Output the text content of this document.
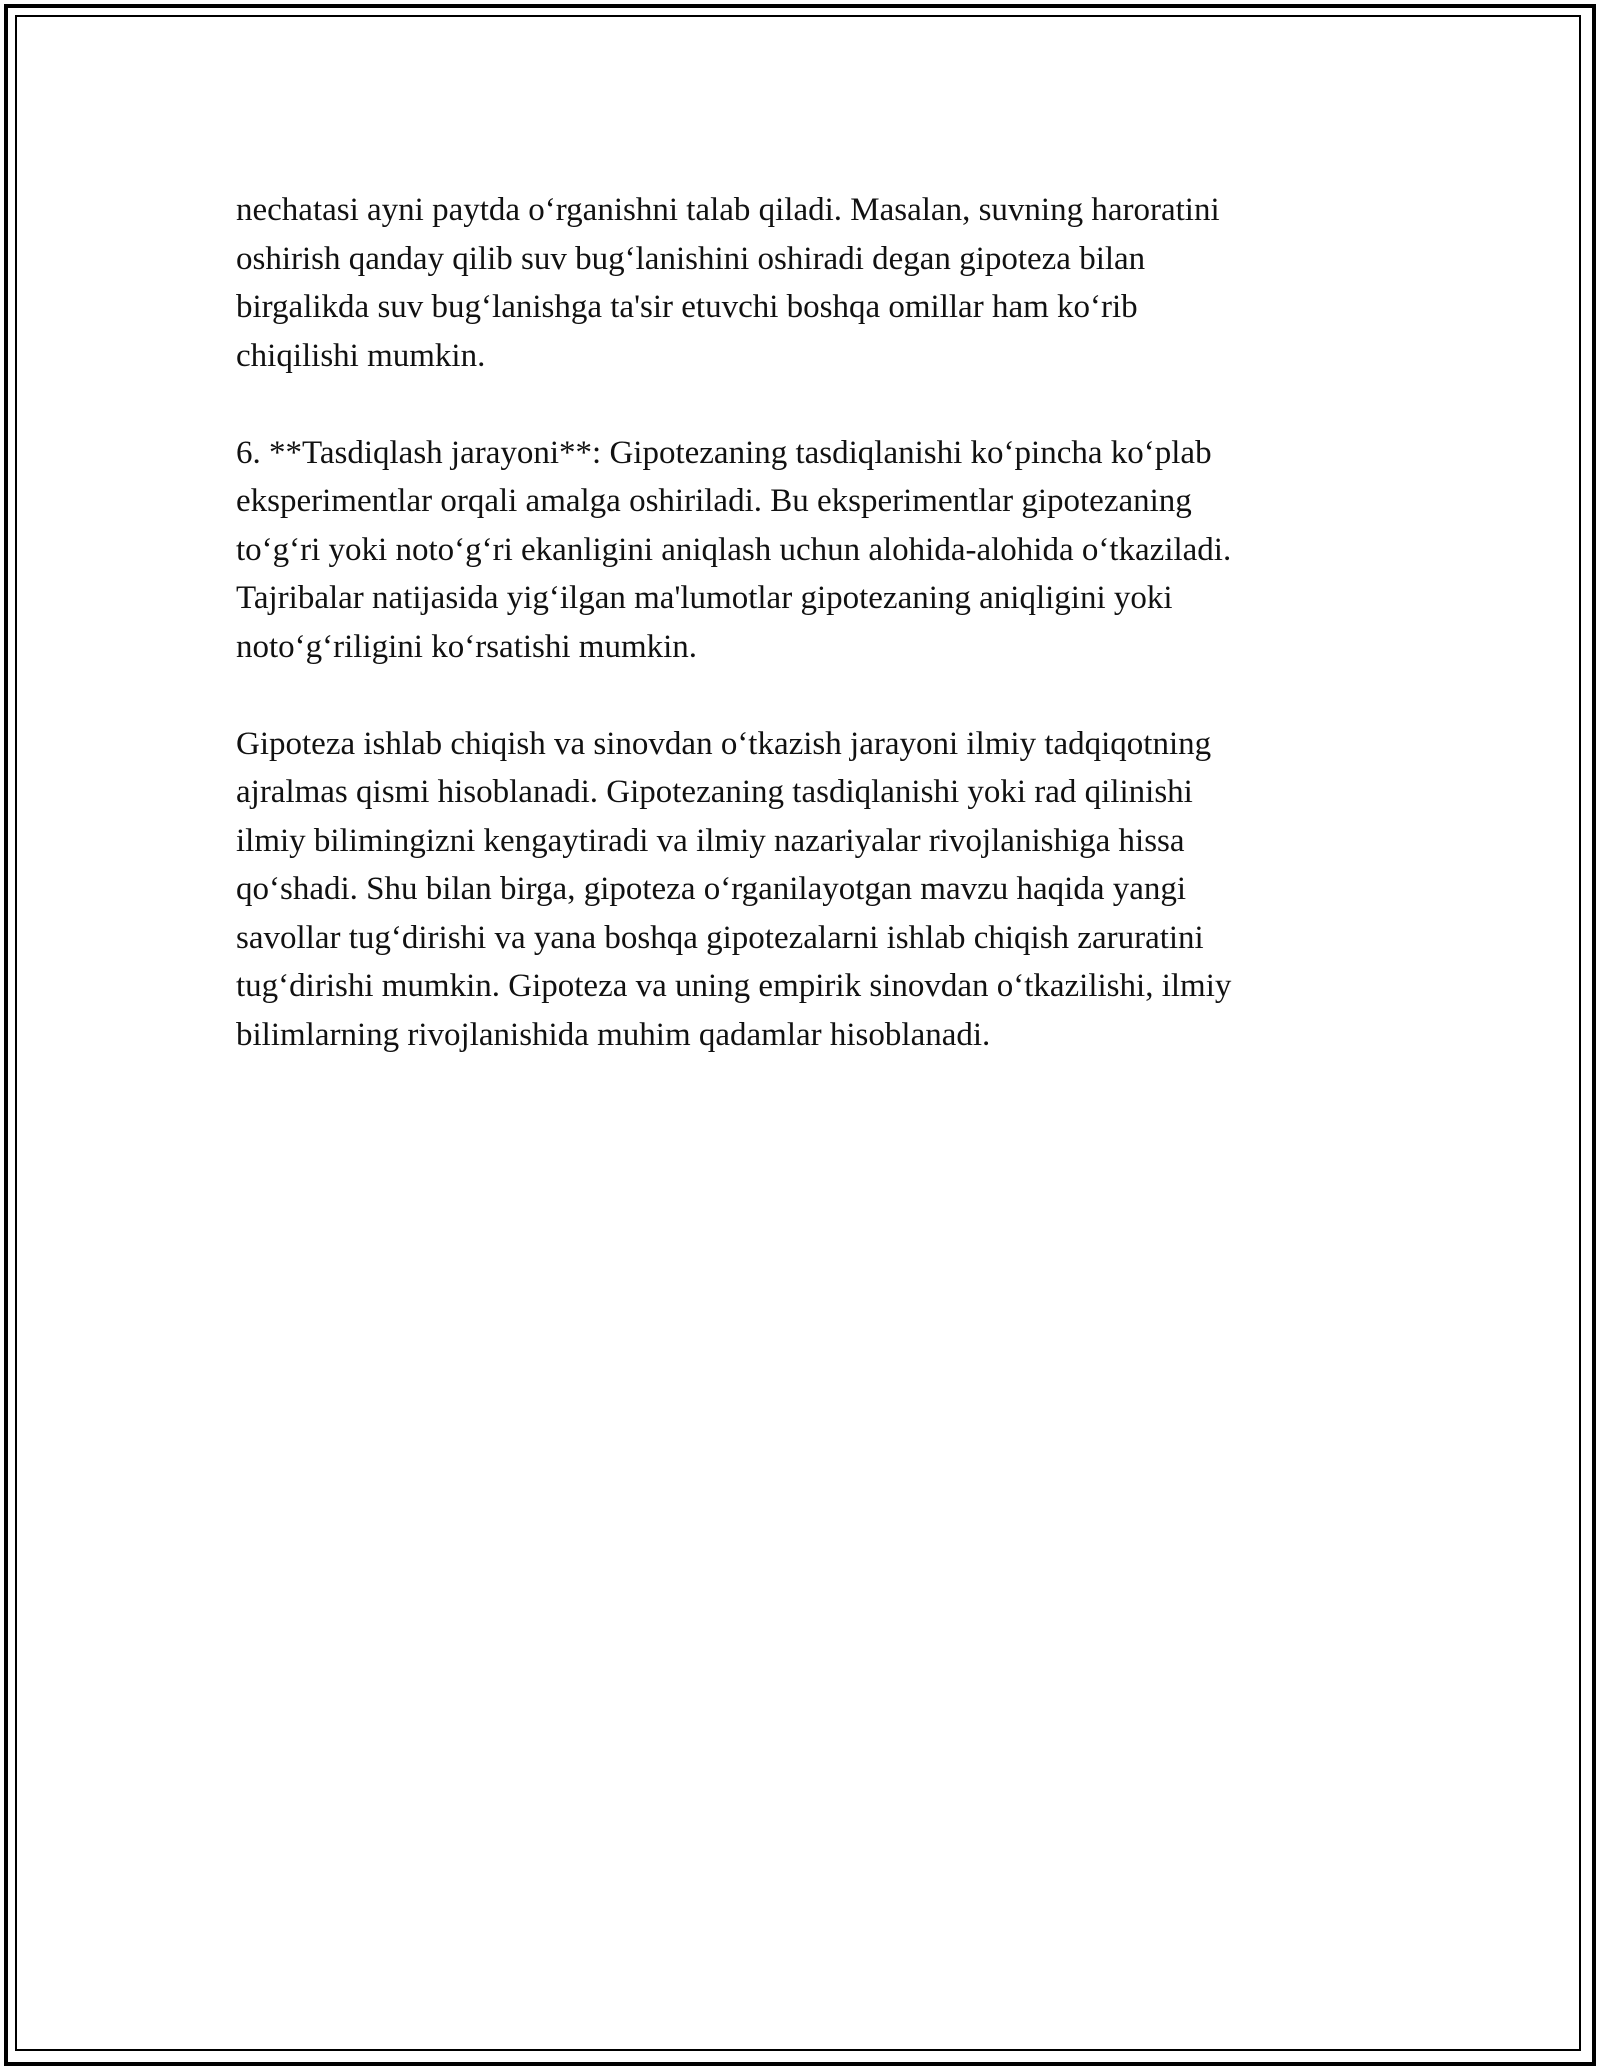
nechatasi ayni paytda o‘rganishni talab qiladi. Masalan, suvning haroratini
oshirish qanday qilib suv bug‘lanishini oshiradi degan gipoteza bilan
birgalikda suv bug‘lanishga ta'sir etuvchi boshqa omillar ham ko‘rib
chiqilishi mumkin.

6. **Tasdiqlash jarayoni**: Gipotezaning tasdiqlanishi ko‘pincha ko‘plab
eksperimentlar orqali amalga oshiriladi. Bu eksperimentlar gipotezaning
to‘g‘ri yoki noto‘g‘ri ekanligini aniqlash uchun alohida-alohida o‘tkaziladi.
Tajribalar natijasida yig‘ilgan ma'lumotlar gipotezaning aniqligini yoki
noto‘g‘riligini ko‘rsatishi mumkin.

Gipoteza ishlab chiqish va sinovdan o‘tkazish jarayoni ilmiy tadqiqotning
ajralmas qismi hisoblanadi. Gipotezaning tasdiqlanishi yoki rad qilinishi
ilmiy bilimingizni kengaytiradi va ilmiy nazariyalar rivojlanishiga hissa
qo‘shadi. Shu bilan birga, gipoteza o‘rganilayotgan mavzu haqida yangi
savollar tug‘dirishi va yana boshqa gipotezalarni ishlab chiqish zaruratini
tug‘dirishi mumkin. Gipoteza va uning empirik sinovdan o‘tkazilishi, ilmiy
bilimlarning rivojlanishida muhim qadamlar hisoblanadi.
